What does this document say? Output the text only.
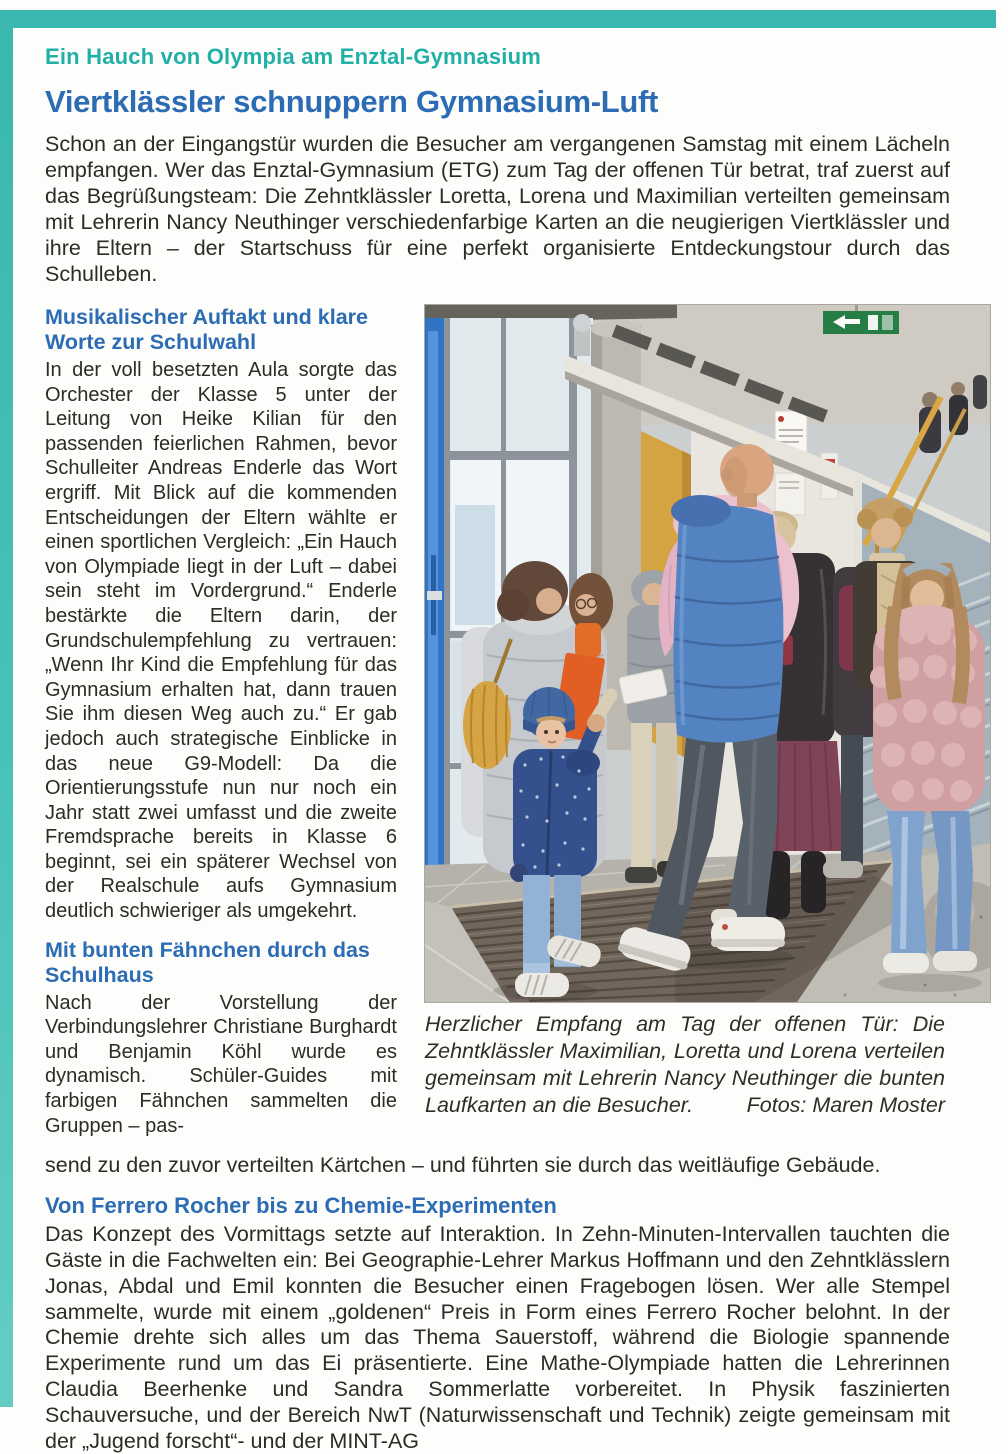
Ein Hauch von Olympia am Enztal-Gymnasium
Viertklässler schnuppern Gymnasium-Luft

Schon an der Eingangstür wurden die Besucher am vergangenen Samstag mit einem Lächeln empfangen. Wer das Enztal-Gymnasium (ETG) zum Tag der offenen Tür betrat, traf zuerst auf das Begrüßungsteam: Die Zehntklässler Loretta, Lorena und Maximilian verteilten gemeinsam mit Lehrerin Nancy Neuthinger verschiedenfarbige Karten an die neugierigen Viertklässler und ihre Eltern – der Startschuss für eine perfekt organisierte Entdeckungstour durch das Schulleben.

Musikalischer Auftakt und klare Worte zur Schulwahl

In der voll besetzten Aula sorgte das Orchester der Klasse 5 unter der Leitung von Heike Kilian für den passenden feierlichen Rahmen, bevor Schulleiter Andreas Enderle das Wort ergriff. Mit Blick auf die kommenden Entscheidungen der Eltern wählte er einen sportlichen Vergleich: „Ein Hauch von Olympiade liegt in der Luft – dabei sein steht im Vordergrund.“ Enderle bestärkte die Eltern darin, der Grundschulempfehlung zu vertrauen: „Wenn Ihr Kind die Empfehlung für das Gymnasium erhalten hat, dann trauen Sie ihm diesen Weg auch zu.“ Er gab jedoch auch strategische Einblicke in das neue G9-Modell: Da die Orientierungsstufe nun nur noch ein Jahr statt zwei umfasst und die zweite Fremdsprache bereits in Klasse 6 beginnt, sei ein späterer Wechsel von der Realschule aufs Gymnasium deutlich schwieriger als umgekehrt.

Mit bunten Fähnchen durch das Schulhaus

Nach der Vorstellung der Verbindungslehrer Christiane Burghardt und Benjamin Köhl wurde es dynamisch. Schüler-Guides mit farbigen Fähnchen sammelten die Gruppen – pas-

Herzlicher Empfang am Tag der offenen Tür: Die Zehntklässler Maximilian, Loretta und Lorena verteilen gemeinsam mit Lehrerin Nancy Neuthinger die bunten Laufkarten an die Besucher.	Fotos: Maren Moster

send zu den zuvor verteilten Kärtchen – und führten sie durch das weitläufige Gebäude.

Von Ferrero Rocher bis zu Chemie-Experimenten

Das Konzept des Vormittags setzte auf Interaktion. In Zehn-Minuten-Intervallen tauchten die Gäste in die Fachwelten ein: Bei Geographie-Lehrer Markus Hoffmann und den Zehntklässlern Jonas, Abdal und Emil konnten die Besucher einen Fragebogen lösen. Wer alle Stempel sammelte, wurde mit einem „goldenen“ Preis in Form eines Ferrero Rocher belohnt. In der Chemie drehte sich alles um das Thema Sauerstoff, während die Biologie spannende Experimente rund um das Ei präsentierte. Eine Mathe-Olympiade hatten die Lehrerinnen Claudia Beerhenke und Sandra Sommerlatte vorbereitet. In Physik faszinierten Schauversuche, und der Bereich NwT (Naturwissenschaft und Technik) zeigte gemeinsam mit der „Jugend forscht“- und der MINT-AG
